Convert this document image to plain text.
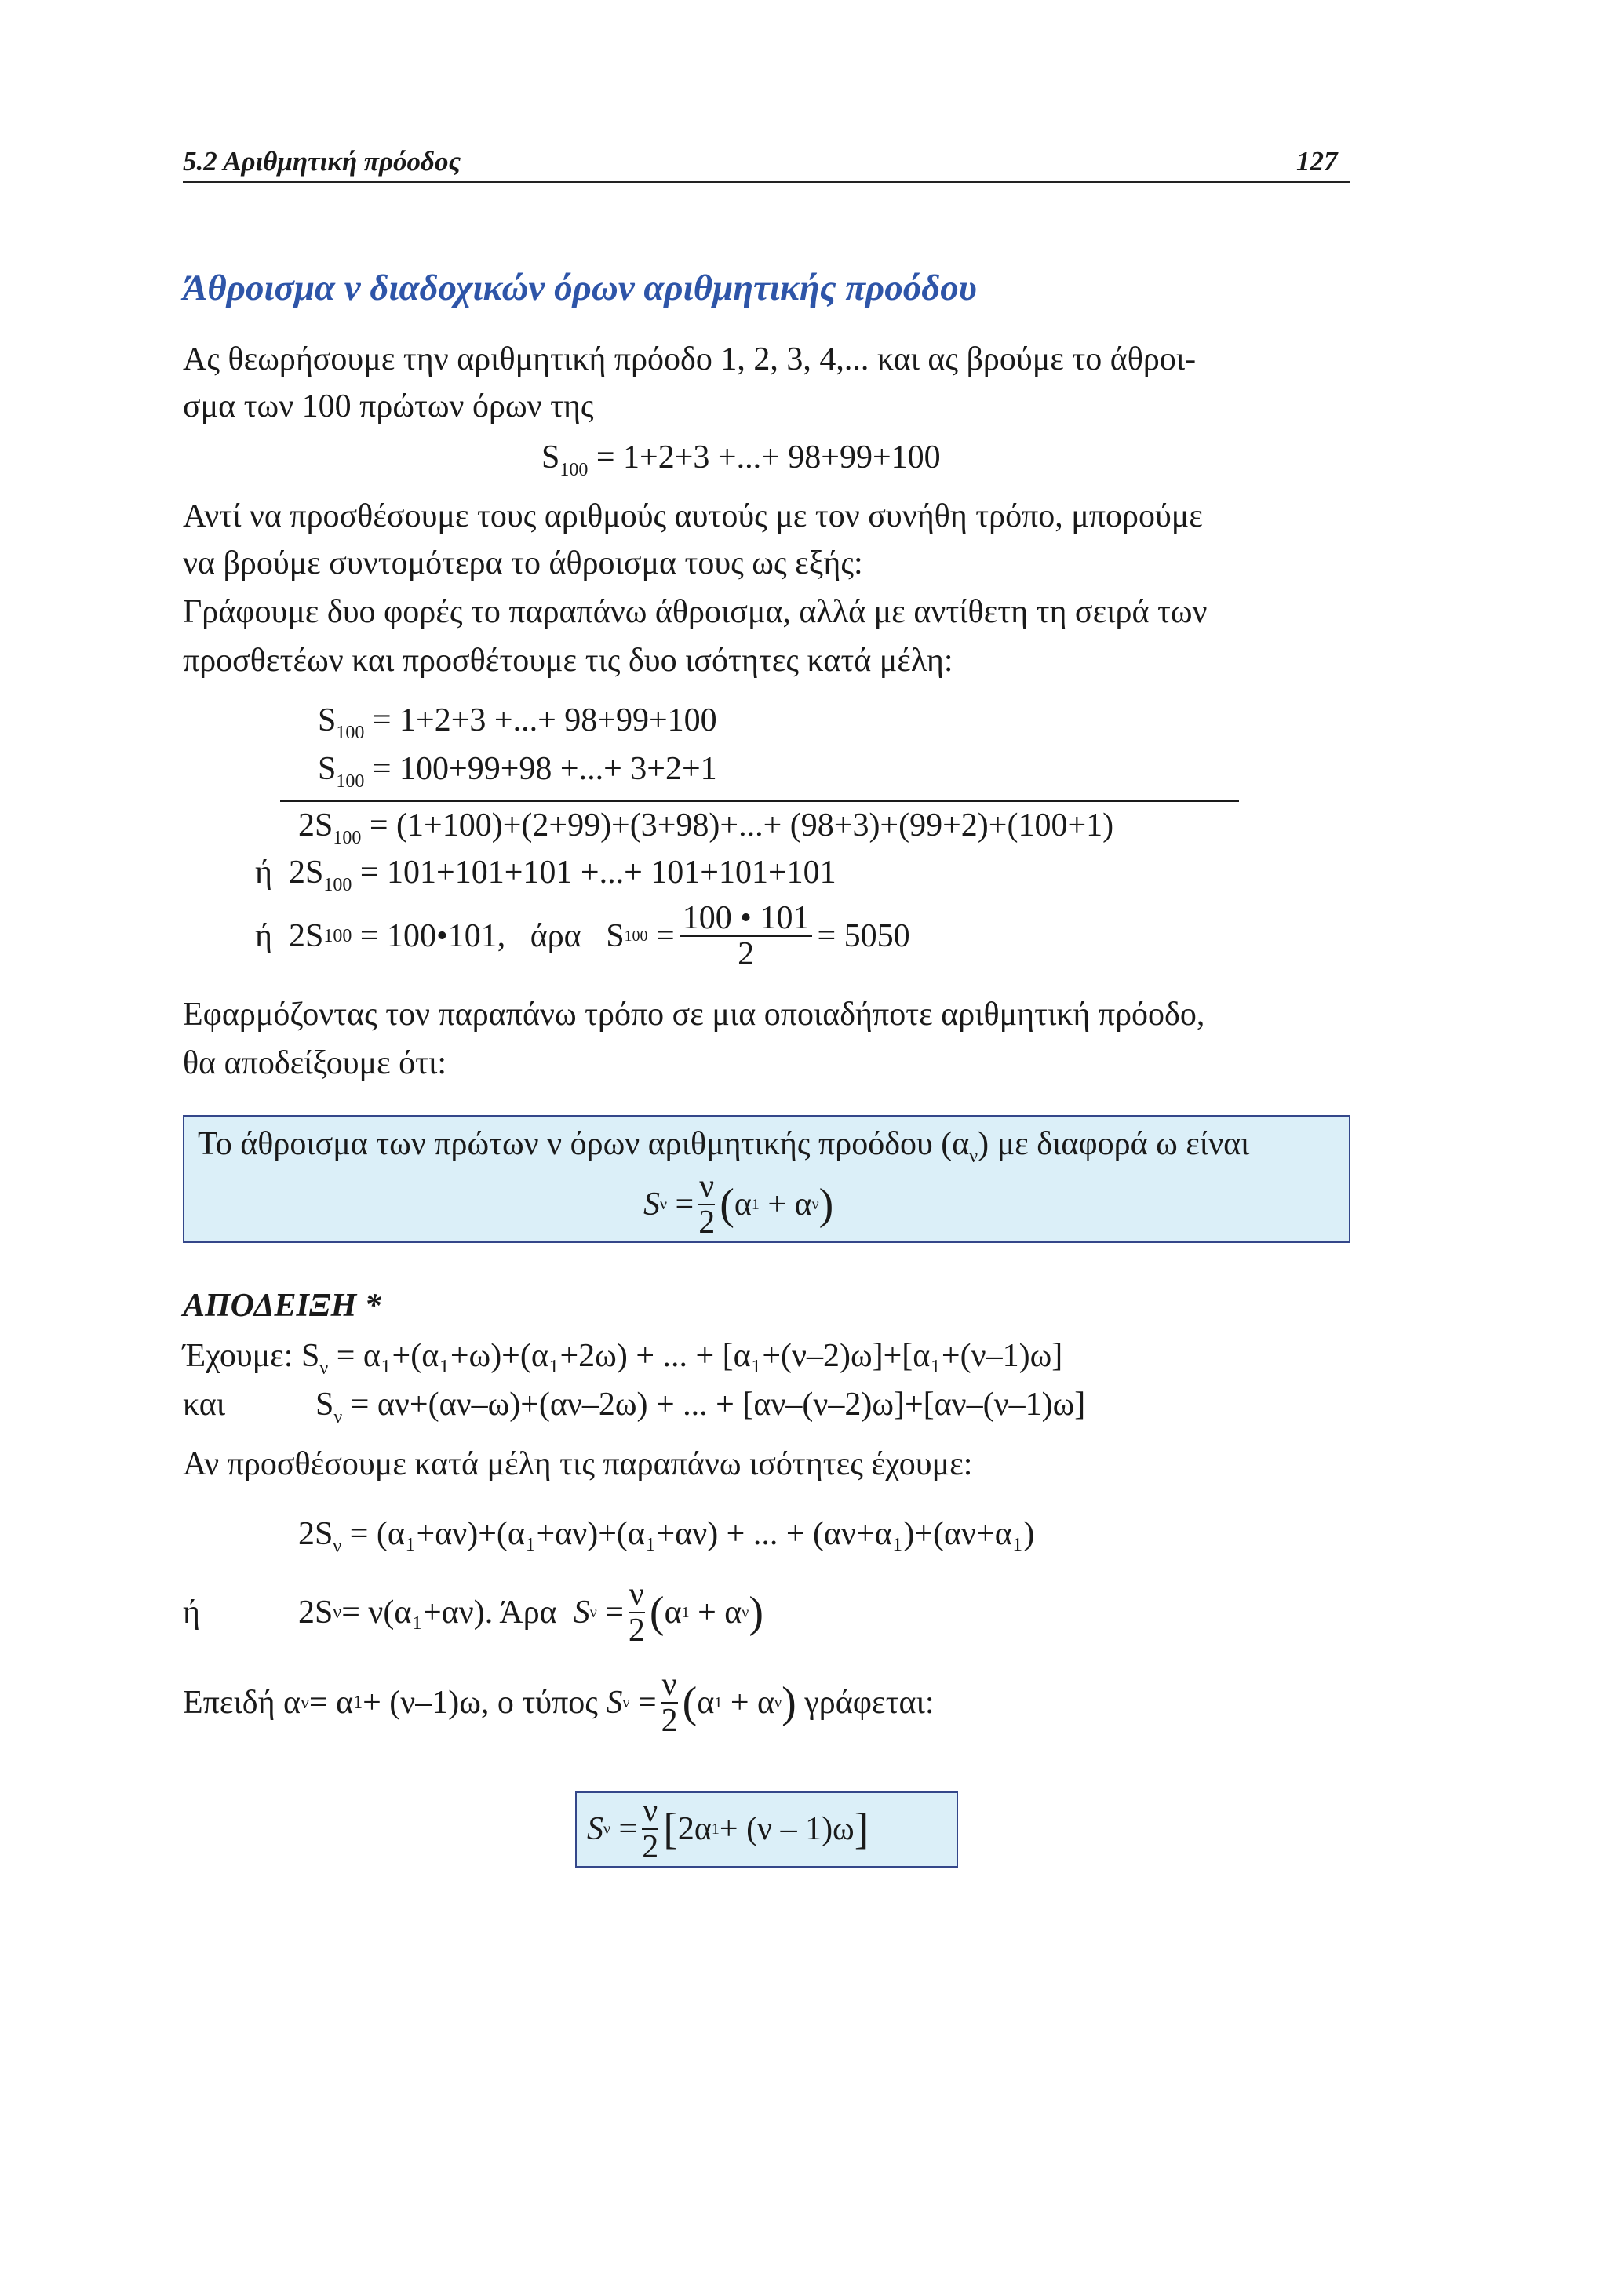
5.2 Αριθμητική πρόοδος	127
Άθροισμα ν διαδοχικών όρων αριθμητικής προόδου
Ας θεωρήσουμε την αριθμητική πρόοδο 1, 2, 3, 4,... και ας βρούμε το άθροι-
σμα των 100 πρώτων όρων της
$S_{100} = 1+2+3$ +...+ 98+99+100
Αντί να προσθέσουμε τους αριθμούς αυτούς με τον συνήθη τρόπο, μπορούμε
να βρούμε συντομότερα το άθροισμα τους ως εξής:
Γράφουμε δυο φορές το παραπάνω άθροισμα, αλλά με αντίθετη τη σειρά των
προσθετέων και προσθέτουμε τις δυο ισότητες κατά μέλη:
$S_{100} = 1+2+3$ +...+ 98+99+100
$S_{100} = 100+99+98$ +...+ 3+2+1
$2S_{100} = (1+100)+(2+99)+(3+98)+...+ (98+3)+(99+2)+(100+1)$
ή $2S_{100} = 101+101+101$ +...+ 101+101+101
ή
2S 100
= 100•101,
άρα
S $100 = \frac{100 • 101}{2} = 5050$
Εφαρμόζοντας τον παραπάνω τρόπο σε μια οποιαδήποτε αριθμητική πρόοδο,
θα αποδείξουμε ότι:
Το άθροισμα των πρώτων ν όρων αριθμητικής προόδου $(\alpha_\nu)$ με διαφορά ω είναι
S $\nu = \frac{\nu}{2}$ ( α 1 + α ν )
ΑΠΟΔΕΙΞΗ *
Έχουμε: $S_\nu = \alpha_1+(\alpha_1+\omega)+(\alpha_1+2\omega)$ + ... + [α₁+(ν–2)ω]+[α₁+(ν–1)ω]
και	$S_\nu = \alpha\nu+(\alpha\nu-\omega)+(\alpha\nu-2\omega)$ + ... + [αν–(ν–2)ω]+[αν–(ν–1)ω]
Αν προσθέσουμε κατά μέλη τις παραπάνω ισότητες έχουμε:
$2S_\nu = (\alpha_1+\alpha\nu)+(\alpha_1+\alpha\nu)+(\alpha_1+\alpha\nu)$ + ... + (αν+α₁)+(αν+α₁)
ή	2S ν = ν(α₁+αν). Άρα
S $\nu = \frac{\nu}{2}$ ( α 1 + α ν )
Επειδή α ν = α 1 + (ν–1)ω, ο τύπος
S $\nu = \frac{\nu}{2}$ ( α 1 + α ν )
γράφεται:
S $\nu = \frac{\nu}{2}$ [ 2α 1 + (ν – 1)ω ]
